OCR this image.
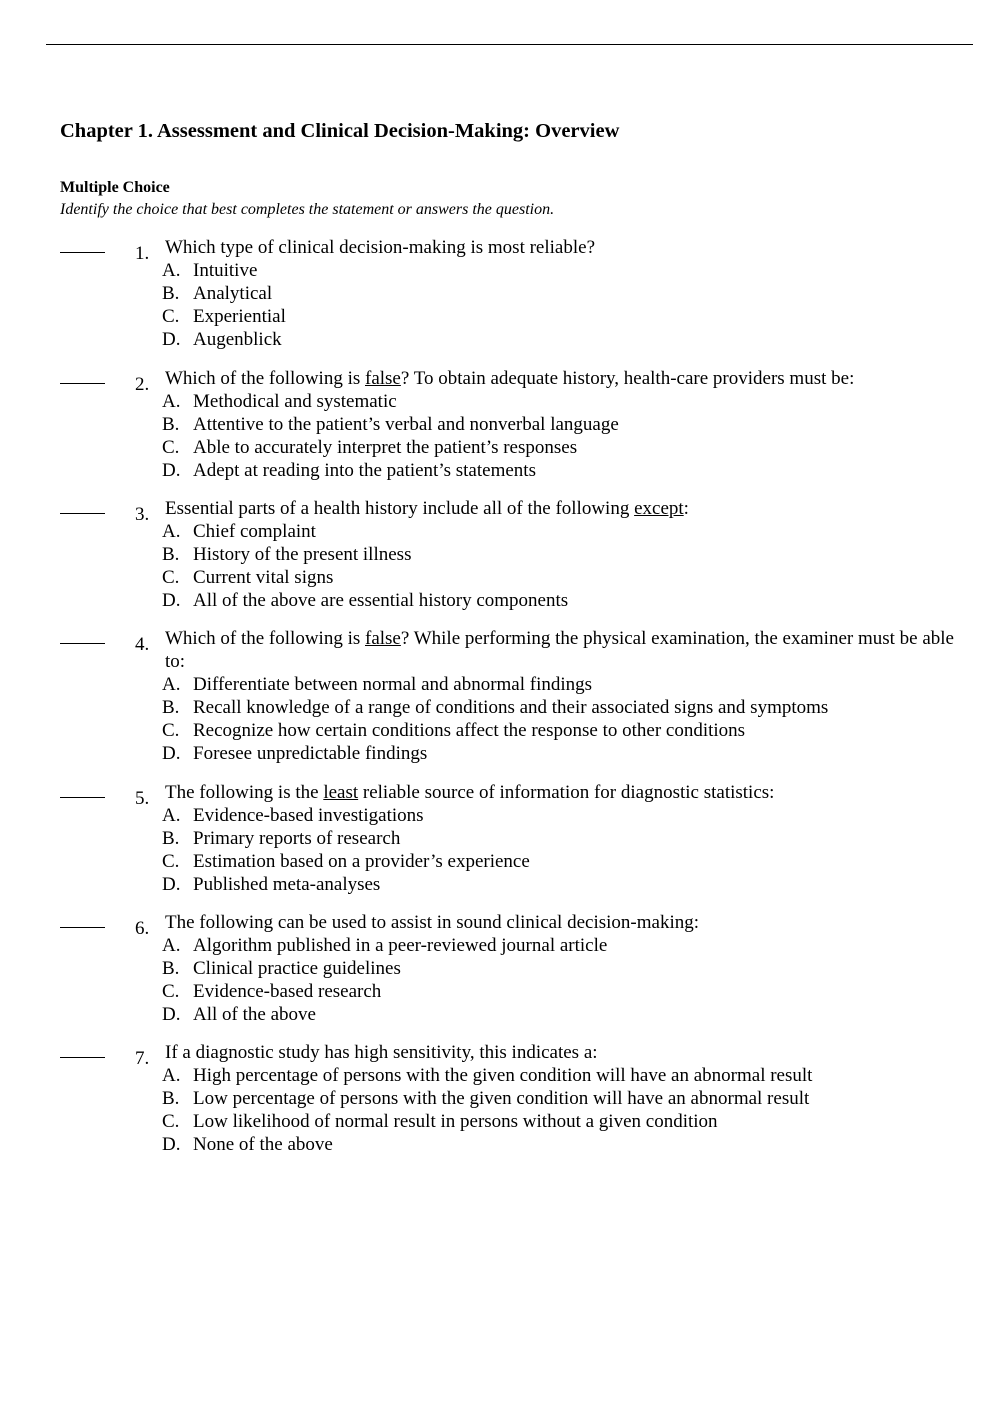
Chapter 1. Assessment and Clinical Decision-Making: Overview
Multiple Choice

Identify the choice that best completes the statement or answers the question.

1. Which type of clinical decision-making is most reliable?

A. Intuitive
B. Analytical
C. Experiential
D. Augenblick
2. Which of the following is false? To obtain adequate history, health-care providers must be:

A. Methodical and systematic
B. Attentive to the patient’s verbal and nonverbal language
C. Able to accurately interpret the patient’s responses
D. Adept at reading into the patient’s statements
3. Essential parts of a health history include all of the following except:

A. Chief complaint
B. History of the present illness
C. Current vital signs
D. All of the above are essential history components
4. Which of the following is false? While performing the physical examination, the examiner must be able to:

A. Differentiate between normal and abnormal findings
B. Recall knowledge of a range of conditions and their associated signs and symptoms
C. Recognize how certain conditions affect the response to other conditions
D. Foresee unpredictable findings
5. The following is the least reliable source of information for diagnostic statistics:

A. Evidence-based investigations
B. Primary reports of research
C. Estimation based on a provider’s experience
D. Published meta-analyses
6. The following can be used to assist in sound clinical decision-making:

A. Algorithm published in a peer-reviewed journal article
B. Clinical practice guidelines
C. Evidence-based research
D. All of the above
7. If a diagnostic study has high sensitivity, this indicates a:

A. High percentage of persons with the given condition will have an abnormal result
B. Low percentage of persons with the given condition will have an abnormal result
C. Low likelihood of normal result in persons without a given condition
D. None of the above
